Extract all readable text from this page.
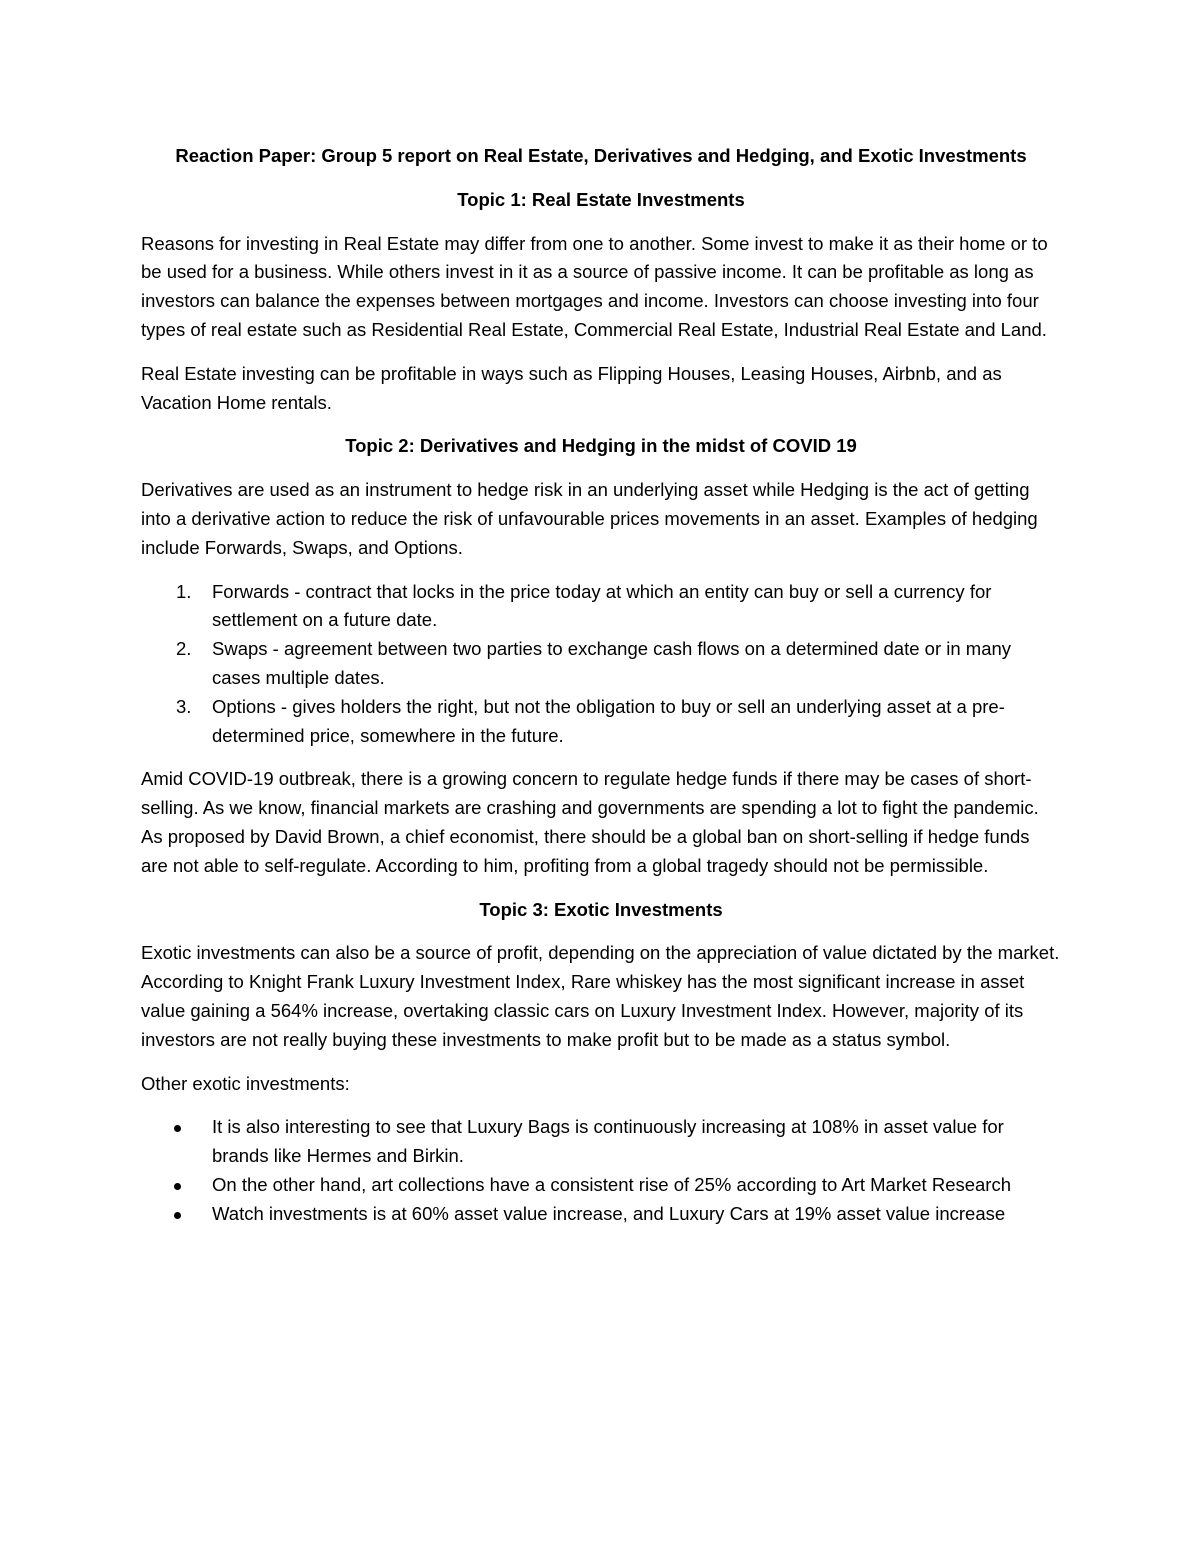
Reaction Paper: Group 5 report on Real Estate, Derivatives and Hedging, and Exotic Investments
Topic 1: Real Estate Investments

Reasons for investing in Real Estate may differ from one to another. Some invest to make it as their home or to be used for a business. While others invest in it as a source of passive income. It can be profitable as long as investors can balance the expenses between mortgages and income. Investors can choose investing into four types of real estate such as Residential Real Estate, Commercial Real Estate, Industrial Real Estate and Land.

Real Estate investing can be profitable in ways such as Flipping Houses, Leasing Houses, Airbnb, and as Vacation Home rentals.

Topic 2: Derivatives and Hedging in the midst of COVID 19

Derivatives are used as an instrument to hedge risk in an underlying asset while Hedging is the act of getting into a derivative action to reduce the risk of unfavourable prices movements in an asset. Examples of hedging include Forwards, Swaps, and Options.

1. Forwards - contract that locks in the price today at which an entity can buy or sell a currency for settlement on a future date.
2. Swaps - agreement between two parties to exchange cash flows on a determined date or in many cases multiple dates.
3. Options - gives holders the right, but not the obligation to buy or sell an underlying asset at a pre-determined price, somewhere in the future.

Amid COVID-19 outbreak, there is a growing concern to regulate hedge funds if there may be cases of short-selling. As we know, financial markets are crashing and governments are spending a lot to fight the pandemic. As proposed by David Brown, a chief economist, there should be a global ban on short-selling if hedge funds are not able to self-regulate. According to him, profiting from a global tragedy should not be permissible.

Topic 3: Exotic Investments

Exotic investments can also be a source of profit, depending on the appreciation of value dictated by the market. According to Knight Frank Luxury Investment Index, Rare whiskey has the most significant increase in asset value gaining a 564% increase, overtaking classic cars on Luxury Investment Index. However, majority of its investors are not really buying these investments to make profit but to be made as a status symbol.

Other exotic investments:

It is also interesting to see that Luxury Bags is continuously increasing at 108% in asset value for brands like Hermes and Birkin.
On the other hand, art collections have a consistent rise of 25% according to Art Market Research
Watch investments is at 60% asset value increase, and Luxury Cars at 19% asset value increase
